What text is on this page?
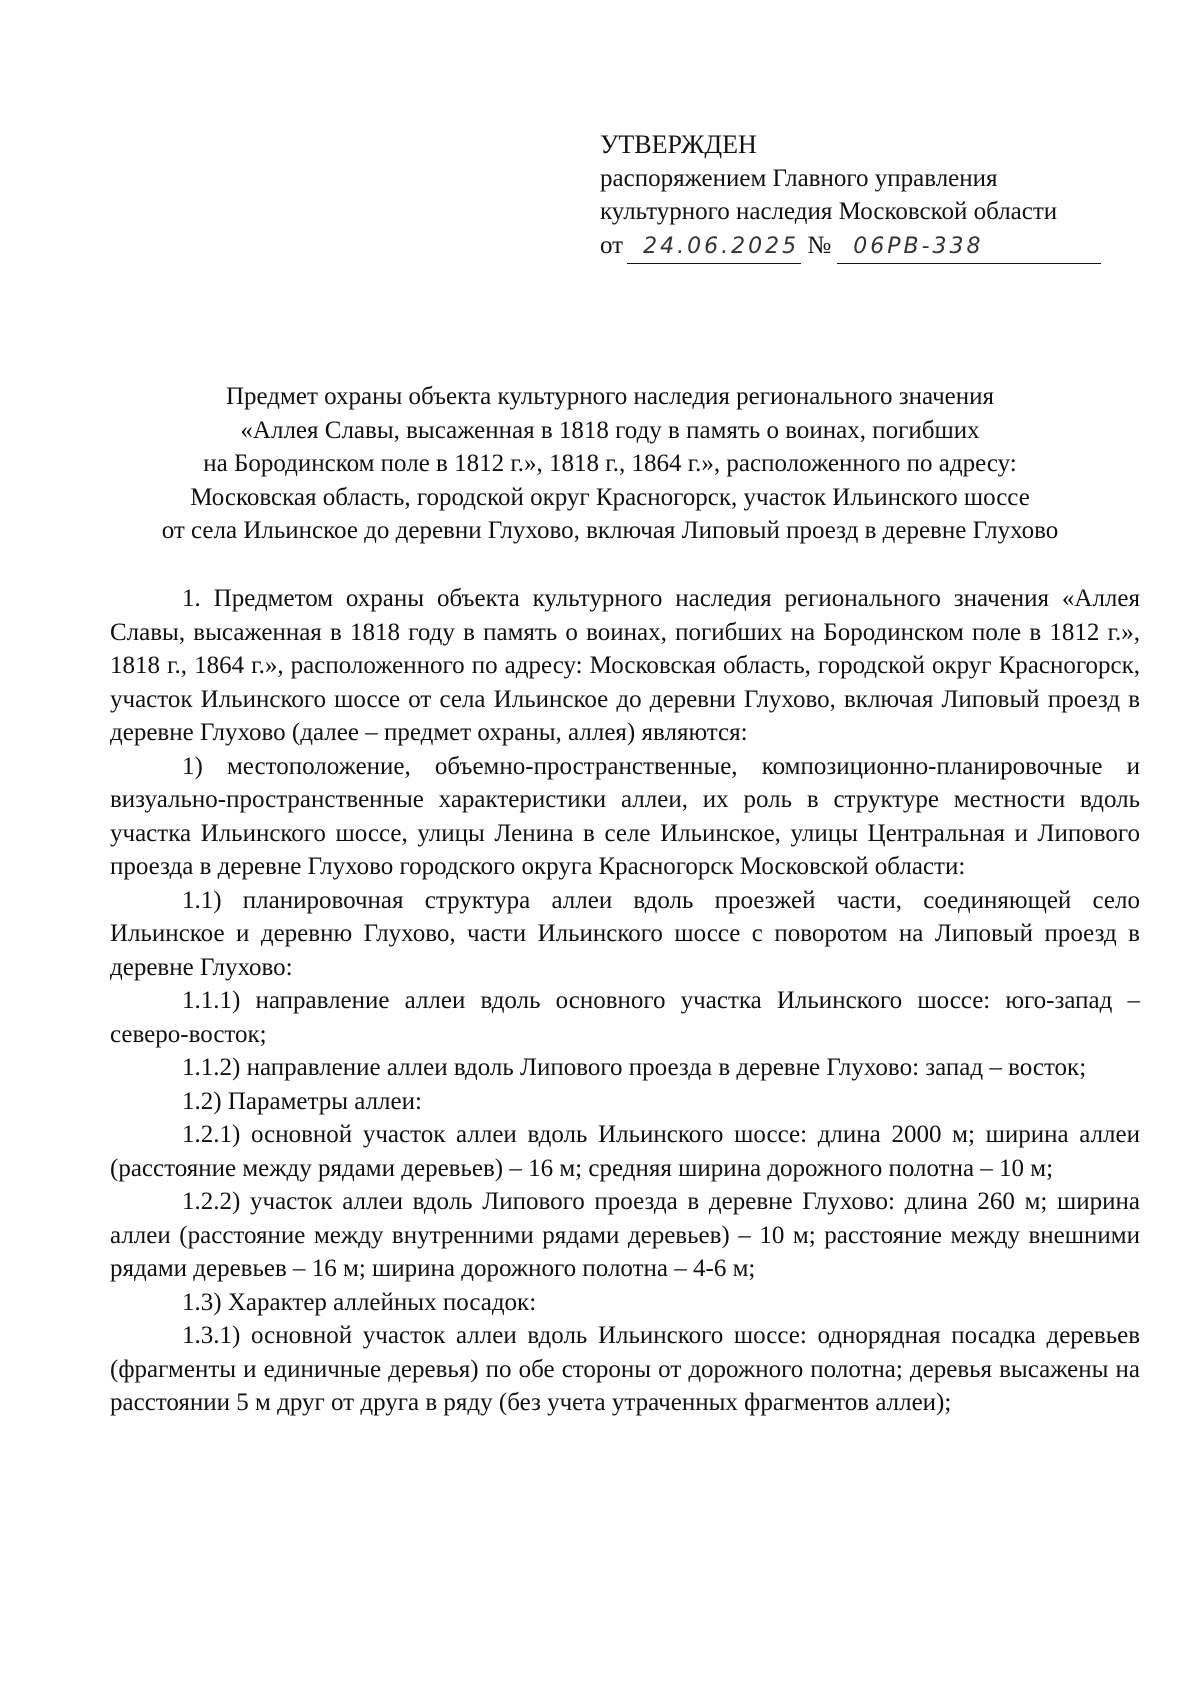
УТВЕРЖДЕН
распоряжением Главного управления
культурного наследия Московской области
от 24.06.2025 № 06РВ-338
Предмет охраны объекта культурного наследия регионального значения
«Аллея Славы, высаженная в 1818 году в память о воинах, погибших
на Бородинском поле в 1812 г.», 1818 г., 1864 г.», расположенного по адресу:
Московская область, городской округ Красногорск, участок Ильинского шоссе
от села Ильинское до деревни Глухово, включая Липовый проезд в деревне Глухово

1. Предметом охраны объекта культурного наследия регионального значения «Аллея Славы, высаженная в 1818 году в память о воинах, погибших на Бородинском поле в 1812 г.», 1818 г., 1864 г.», расположенного по адресу: Московская область, городской округ Красногорск, участок Ильинского шоссе от села Ильинское до деревни Глухово, включая Липовый проезд в деревне Глухово (далее – предмет охраны, аллея) являются:

1) местоположение, объемно-пространственные, композиционно-планировочные и визуально-пространственные характеристики аллеи, их роль в структуре местности вдоль участка Ильинского шоссе, улицы Ленина в селе Ильинское, улицы Центральная и Липового проезда в деревне Глухово городского округа Красногорск Московской области:

1.1) планировочная структура аллеи вдоль проезжей части, соединяющей село Ильинское и деревню Глухово, части Ильинского шоссе с поворотом на Липовый проезд в деревне Глухово:

1.1.1) направление аллеи вдоль основного участка Ильинского шоссе: юго-запад – северо-восток;

1.1.2) направление аллеи вдоль Липового проезда в деревне Глухово: запад – восток;

1.2) Параметры аллеи:

1.2.1) основной участок аллеи вдоль Ильинского шоссе: длина 2000 м; ширина аллеи (расстояние между рядами деревьев) – 16 м; средняя ширина дорожного полотна – 10 м;

1.2.2) участок аллеи вдоль Липового проезда в деревне Глухово: длина 260 м; ширина аллеи (расстояние между внутренними рядами деревьев) – 10 м; расстояние между внешними рядами деревьев – 16 м; ширина дорожного полотна – 4-6 м;

1.3) Характер аллейных посадок:

1.3.1) основной участок аллеи вдоль Ильинского шоссе: однорядная посадка деревьев (фрагменты и единичные деревья) по обе стороны от дорожного полотна; деревья высажены на расстоянии 5 м друг от друга в ряду (без учета утраченных фрагментов аллеи);
